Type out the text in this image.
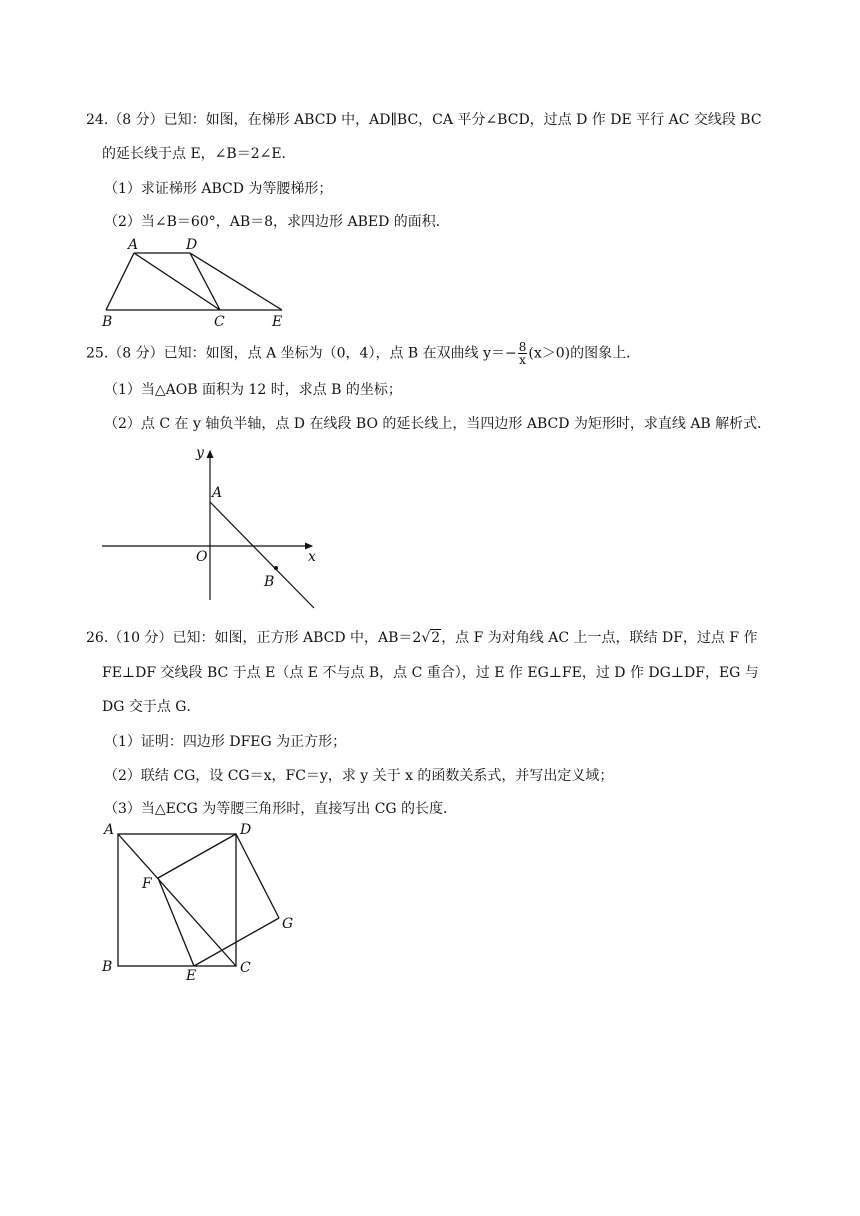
24.（8 分）已知：如图，在梯形 ABCD 中，AD∥BC，CA 平分∠BCD，过点 D 作 DE 平行 AC 交线段 BC
的延长线于点 E，∠B＝2∠E．
（1）求证梯形 ABCD 为等腰梯形；
（2）当∠B＝60°，AB＝8，求四边形 ABED 的面积．
A	D
B	C	E
25.（8 分）已知：如图，点 A 坐标为（0，4），点 B 在双曲线 $y=- \frac{8}{x} (x>0)$的图象上．
（1）当△AOB 面积为 12 时，求点 B 的坐标；
（2）点 C 在 y 轴负半轴，点 D 在线段 BO 的延长线上，当四边形 ABCD 为矩形时，求直线 AB 解析式．
y
x
A
O
B
26.（10 分）已知：如图，正方形 ABCD 中，AB＝2√2，点 F 为对角线 AC 上一点，联结 DF，过点 F 作
FE⊥DF 交线段 BC 于点 E（点 E 不与点 B，点 C 重合），过 E 作 EG⊥FE，过 D 作 DG⊥DF，EG 与
DG 交于点 G．
（1）证明：四边形 DFEG 为正方形；
（2）联结 CG，设 CG＝x，FC＝y，求 y 关于 x 的函数关系式，并写出定义域；
（3）当△ECG 为等腰三角形时，直接写出 CG 的长度．
A	D
F
G
B
E	C
